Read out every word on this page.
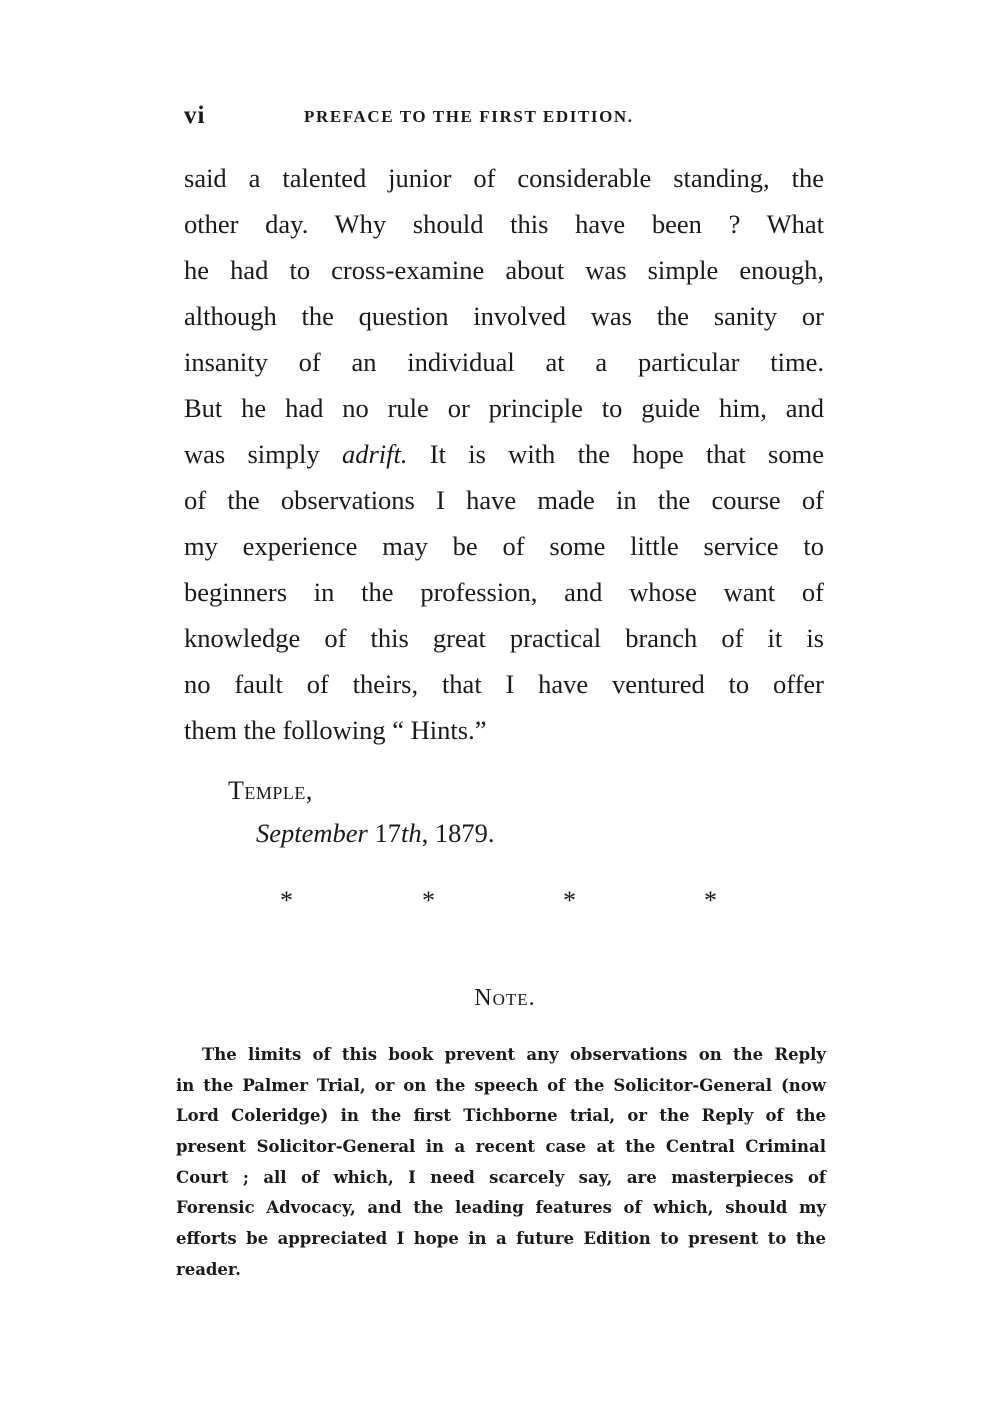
vi	PREFACE TO THE FIRST EDITION.
said a talented junior of considerable standing, the
other day. Why should this have been ? What
he had to cross-examine about was simple enough,
although the question involved was the sanity or
insanity of an individual at a particular time.
But he had no rule or principle to guide him, and
was simply adrift. It is with the hope that some
of the observations I have made in the course of
my experience may be of some little service to
beginners in the profession, and whose want of
knowledge of this great practical branch of it is
no fault of theirs, that I have ventured to offer
them the following “ Hints.”
Temple,
September 17th, 1879.
*	*	*	*
Note.
The limits of this book prevent any observations on the Reply
in the Palmer Trial, or on the speech of the Solicitor-General (now
Lord Coleridge) in the first Tichborne trial, or the Reply of the
present Solicitor-General in a recent case at the Central Criminal
Court ; all of which, I need scarcely say, are masterpieces of
Forensic Advocacy, and the leading features of which, should my
efforts be appreciated I hope in a future Edition to present to the
reader.
